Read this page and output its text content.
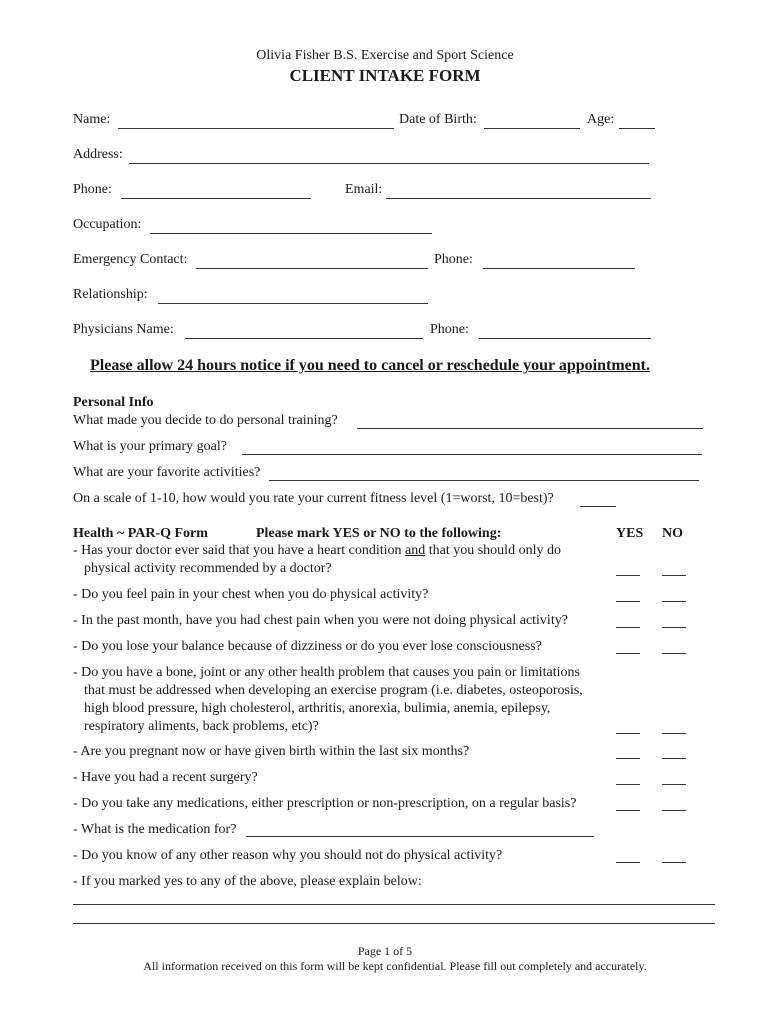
Olivia Fisher B.S. Exercise and Sport Science
CLIENT INTAKE FORM
Name:	Date of Birth:	Age:
Address:
Phone:	Email:
Occupation:
Emergency Contact:	Phone:
Relationship:
Physicians Name:	Phone:
Please allow 24 hours notice if you need to cancel or reschedule your appointment.
Personal Info
What made you decide to do personal training?
What is your primary goal?
What are your favorite activities?
On a scale of 1-10, how would you rate your current fitness level (1=worst, 10=best)?
Health ~ PAR-Q Form	Please mark YES or NO to the following:	YES NO
- Has your doctor ever said that you have a heart condition and that you should only do
physical activity recommended by a doctor?
- Do you feel pain in your chest when you do physical activity?
- In the past month, have you had chest pain when you were not doing physical activity?
- Do you lose your balance because of dizziness or do you ever lose consciousness?
- Do you have a bone, joint or any other health problem that causes you pain or limitations
that must be addressed when developing an exercise program (i.e. diabetes, osteoporosis,
high blood pressure, high cholesterol, arthritis, anorexia, bulimia, anemia, epilepsy,
respiratory aliments, back problems, etc)?
- Are you pregnant now or have given birth within the last six months?
- Have you had a recent surgery?
- Do you take any medications, either prescription or non-prescription, on a regular basis?
- What is the medication for?
- Do you know of any other reason why you should not do physical activity?
- If you marked yes to any of the above, please explain below:
Page 1 of 5
All information received on this form will be kept confidential. Please fill out completely and accurately.
